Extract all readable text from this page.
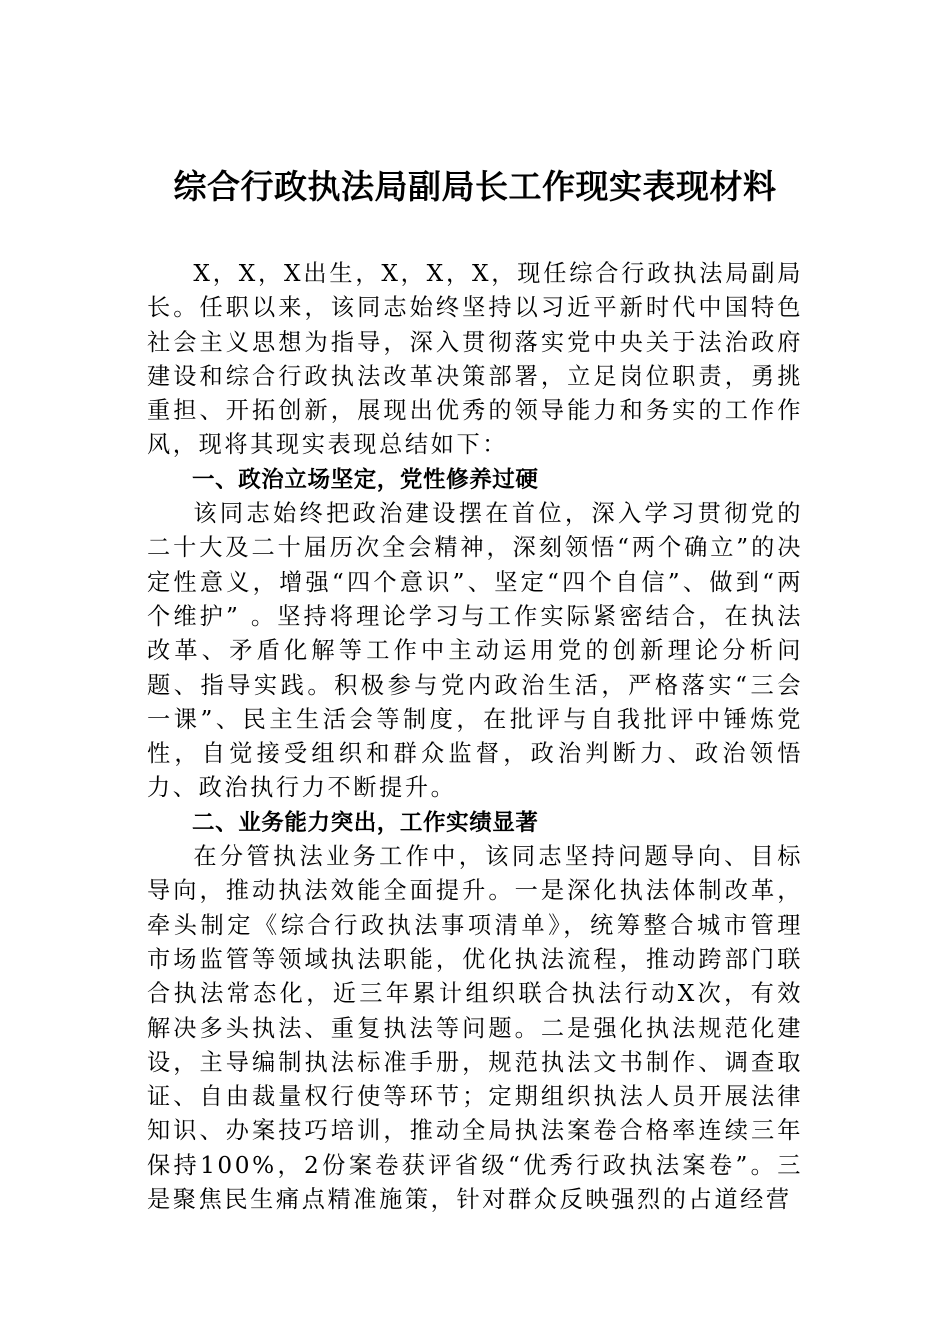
综合行政执法局副局长工作现实表现材料

X，X，X出生，X，X，X，现任综合行政执法局副局长。任职以来，该同志始终坚持以习近平新时代中国特色社会主义思想为指导，深入贯彻落实党中央关于法治政府建设和综合行政执法改革决策部署，立足岗位职责，勇挑重担、开拓创新，展现出优秀的领导能力和务实的工作作风，现将其现实表现总结如下：

一、政治立场坚定，党性修养过硬

该同志始终把政治建设摆在首位，深入学习贯彻党的二十大及二十届历次全会精神，深刻领悟“两个确立”的决定性意义，增强“四个意识”、坚定“四个自信”、做到“两个维护” 。坚持将理论学习与工作实际紧密结合，在执法改革、矛盾化解等工作中主动运用党的创新理论分析问题、指导实践。积极参与党内政治生活，严格落实“三会一课”、民主生活会等制度，在批评与自我批评中锤炼党性，自觉接受组织和群众监督，政治判断力、政治领悟力、政治执行力不断提升。

二、业务能力突出，工作实绩显著

在分管执法业务工作中，该同志坚持问题导向、目标导向，推动执法效能全面提升。一是深化执法体制改革，牵头制定《综合行政执法事项清单》，统筹整合城市管理市场监管等领域执法职能，优化执法流程，推动跨部门联合执法常态化，近三年累计组织联合执法行动X次，有效解决多头执法、重复执法等问题。二是强化执法规范化建设，主导编制执法标准手册，规范执法文书制作、调查取证、自由裁量权行使等环节；定期组织执法人员开展法律知识、办案技巧培训，推动全局执法案卷合格率连续三年保持100%，2份案卷获评省级“优秀行政执法案卷”。三是聚焦民生痛点精准施策，针对群众反映强烈的占道经营
